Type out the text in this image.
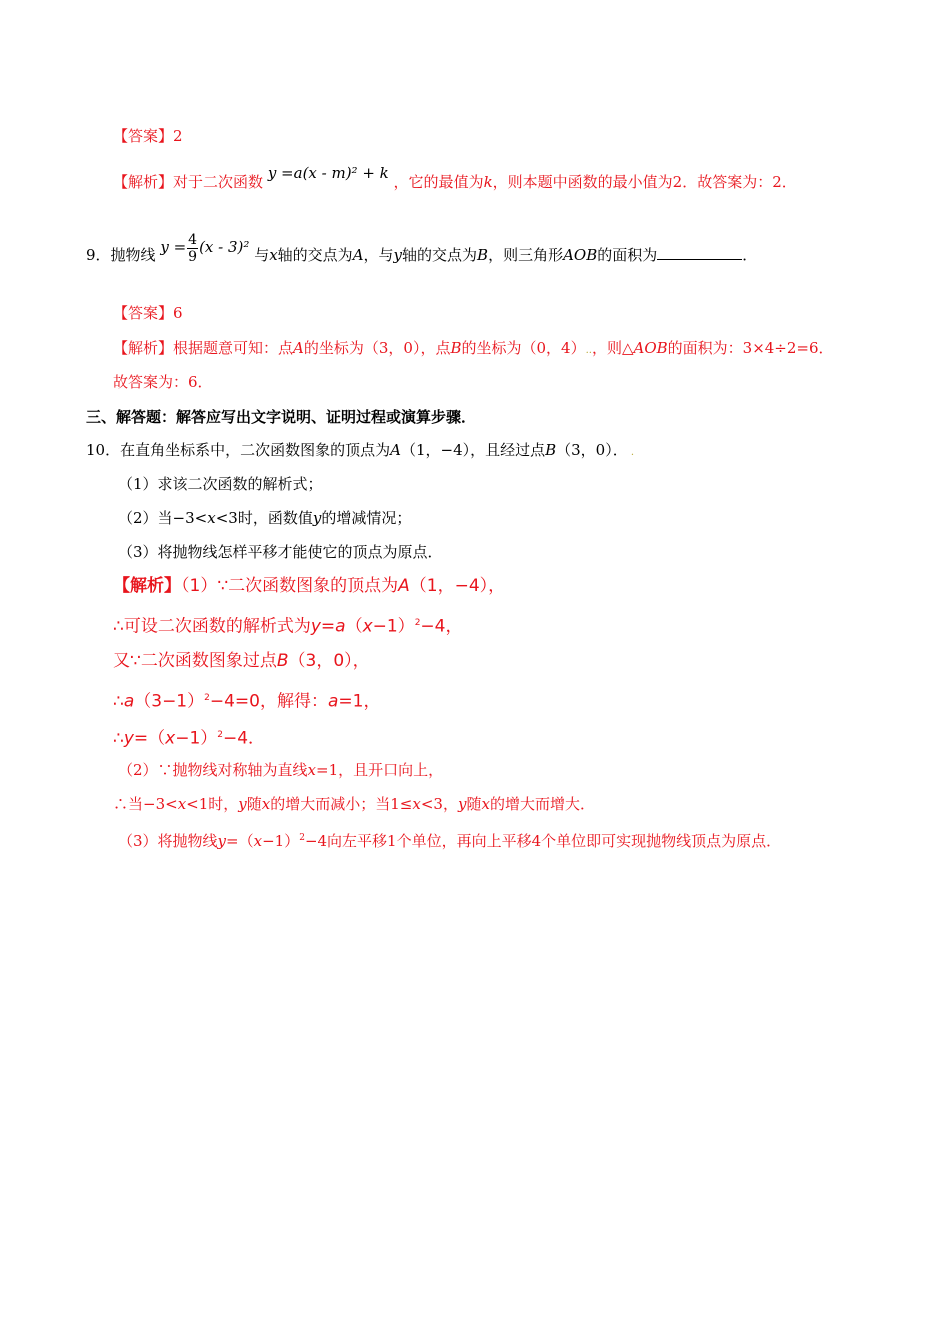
【答案】2
【解析】对于二次函数 y =a(x - m)² + k ，它的最值为k，则本题中函数的最小值为2．故答案为：2．
9．抛物线 $y = \frac{4}{9} (x - 3)^2$ 与x轴的交点为A，与y轴的交点为B，则三角形AOB的面积为	．
【答案】6
【解析】根据题意可知：点A的坐标为（3，0），点B的坐标为（0，4）..，则△AOB的面积为：3×4÷2=6．
故答案为：6．
三、解答题：解答应写出文字说明、证明过程或演算步骤．
10．在直角坐标系中，二次函数图象的顶点为A（1，−4），且经过点B（3，0）． .
（1）求该二次函数的解析式；
（2）当−3<x<3时，函数值y的增减情况；
（3）将抛物线怎样平移才能使它的顶点为原点．
【解析】（1）∵二次函数图象的顶点为A（1，−4），
∴可设二次函数的解析式为$y=a(x-1)^2-4$，
又∵二次函数图象过点B（3，0），
$\therefore a(3-1)^2-4=0$，解得：a=1，
$\therefore y=(x-1)^2-4$．
（2）∵抛物线对称轴为直线x=1，且开口向上，
∴当−3<x<1时，y随x的增大而减小；当1≤x<3，y随x的增大而增大．
（3）将抛物线$y=(x-1)^2-4$向左平移1个单位，再向上平移4个单位即可实现抛物线顶点为原点．
